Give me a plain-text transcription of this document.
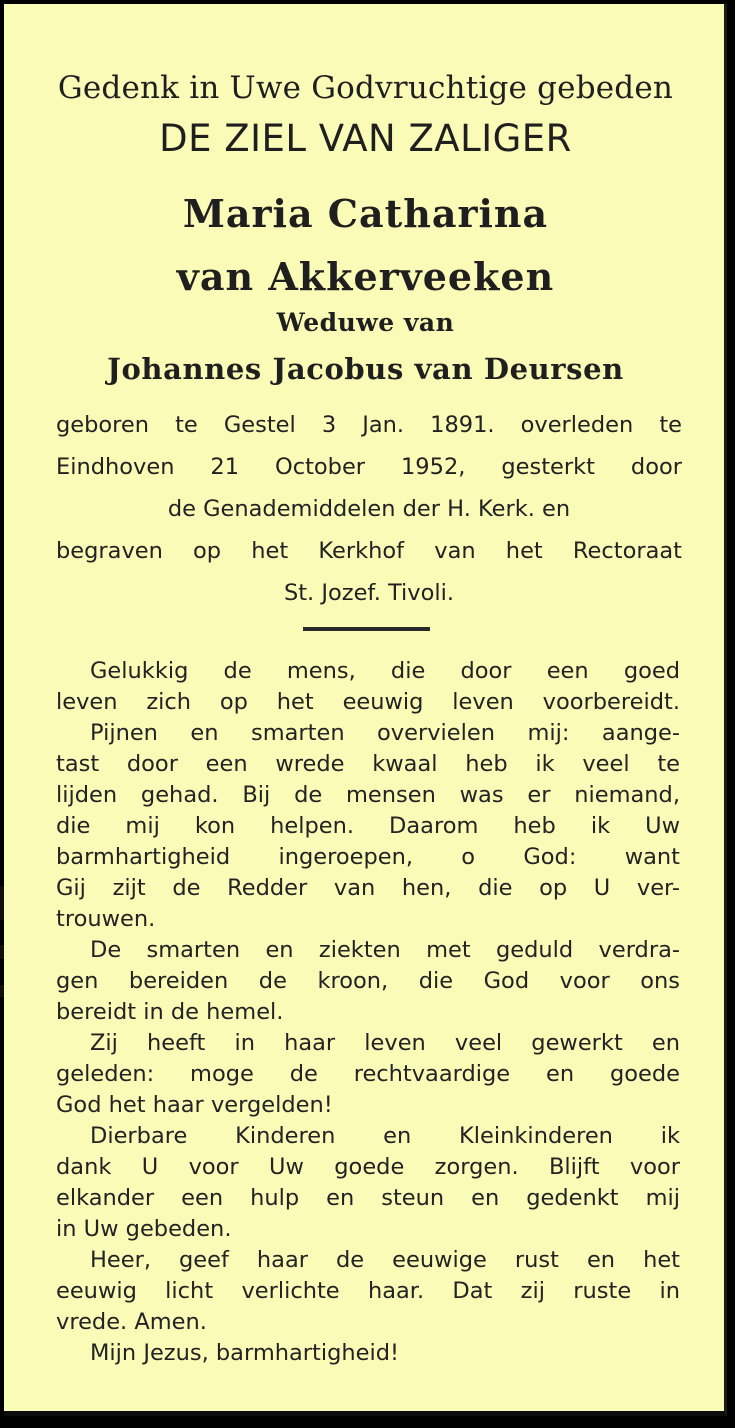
Gedenk in Uwe Godvruchtige gebeden
DE ZIEL VAN ZALIGER
Maria Catharina
van Akkerveeken
Weduwe van
Johannes Jacobus van Deursen
geboren te Gestel 3 Jan. 1891. overleden te
Eindhoven 21 October 1952, gesterkt door
de Genademiddelen der H. Kerk. en
begraven op het Kerkhof van het Rectoraat
St. Jozef. Tivoli.
Gelukkig de mens, die door een goed
leven zich op het eeuwig leven voorbereidt.
Pijnen en smarten overvielen mij: aange-
tast door een wrede kwaal heb ik veel te
lijden gehad. Bij de mensen was er niemand,
die mij kon helpen. Daarom heb ik Uw
barmhartigheid ingeroepen, o God: want
Gij zijt de Redder van hen, die op U ver-
trouwen.
De smarten en ziekten met geduld verdra-
gen bereiden de kroon, die God voor ons
bereidt in de hemel.
Zij heeft in haar leven veel gewerkt en
geleden: moge de rechtvaardige en goede
God het haar vergelden!
Dierbare Kinderen en Kleinkinderen ik
dank U voor Uw goede zorgen. Blijft voor
elkander een hulp en steun en gedenkt mij
in Uw gebeden.
Heer, geef haar de eeuwige rust en het
eeuwig licht verlichte haar. Dat zij ruste in
vrede. Amen.
Mijn Jezus, barmhartigheid!
